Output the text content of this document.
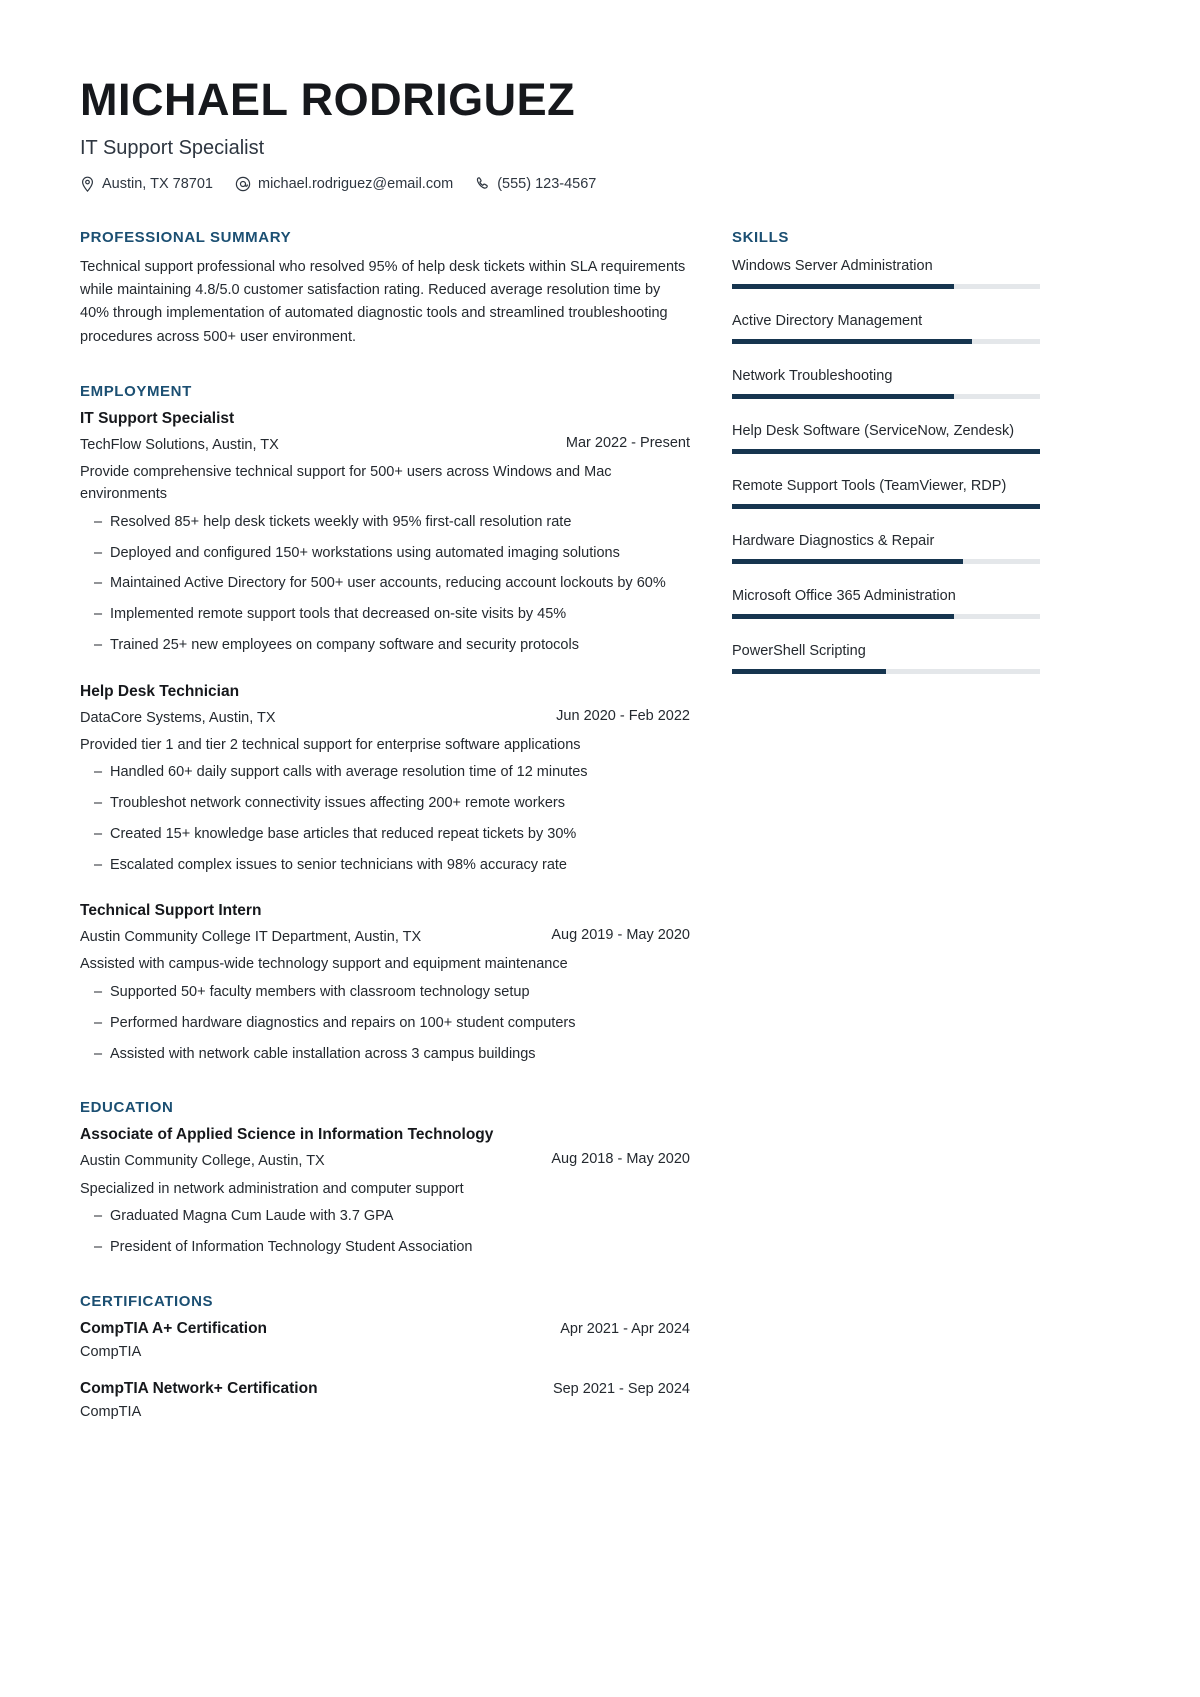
MICHAEL RODRIGUEZ
IT Support Specialist
Austin, TX 78701	michael.rodriguez@email.com	(555) 123-4567
PROFESSIONAL SUMMARY
Technical support professional who resolved 95% of help desk tickets within SLA requirements while maintaining 4.8/5.0 customer satisfaction rating. Reduced average resolution time by 40% through implementation of automated diagnostic tools and streamlined troubleshooting procedures across 500+ user environment.
EMPLOYMENT
IT Support Specialist
TechFlow Solutions, Austin, TX	Mar 2022 - Present
Provide comprehensive technical support for 500+ users across Windows and Mac environments
– Resolved 85+ help desk tickets weekly with 95% first-call resolution rate
– Deployed and configured 150+ workstations using automated imaging solutions
– Maintained Active Directory for 500+ user accounts, reducing account lockouts by 60%
– Implemented remote support tools that decreased on-site visits by 45%
– Trained 25+ new employees on company software and security protocols
Help Desk Technician
DataCore Systems, Austin, TX	Jun 2020 - Feb 2022
Provided tier 1 and tier 2 technical support for enterprise software applications
– Handled 60+ daily support calls with average resolution time of 12 minutes
– Troubleshot network connectivity issues affecting 200+ remote workers
– Created 15+ knowledge base articles that reduced repeat tickets by 30%
– Escalated complex issues to senior technicians with 98% accuracy rate
Technical Support Intern
Austin Community College IT Department, Austin, TX	Aug 2019 - May 2020
Assisted with campus-wide technology support and equipment maintenance
– Supported 50+ faculty members with classroom technology setup
– Performed hardware diagnostics and repairs on 100+ student computers
– Assisted with network cable installation across 3 campus buildings
EDUCATION
Associate of Applied Science in Information Technology
Austin Community College, Austin, TX	Aug 2018 - May 2020
Specialized in network administration and computer support
– Graduated Magna Cum Laude with 3.7 GPA
– President of Information Technology Student Association
CERTIFICATIONS
CompTIA A+ Certification	Apr 2021 - Apr 2024
CompTIA
CompTIA Network+ Certification	Sep 2021 - Sep 2024
CompTIA
SKILLS
Windows Server Administration
Active Directory Management
Network Troubleshooting
Help Desk Software (ServiceNow, Zendesk)
Remote Support Tools (TeamViewer, RDP)
Hardware Diagnostics & Repair
Microsoft Office 365 Administration
PowerShell Scripting
